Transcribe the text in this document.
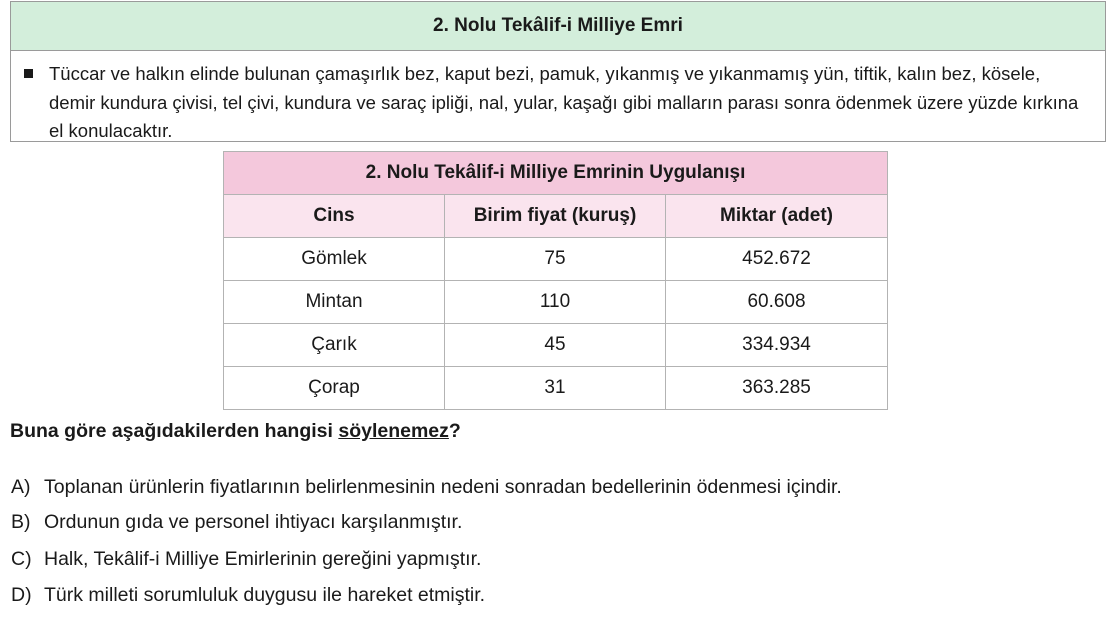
2. Nolu Tekâlif-i Milliye Emri
Tüccar ve halkın elinde bulunan çamaşırlık bez, kaput bezi, pamuk, yıkanmış ve yıkanmamış yün, tiftik, kalın bez, kösele, demir kundura çivisi, tel çivi, kundura ve saraç ipliği, nal, yular, kaşağı gibi malların parası sonra ödenmek üzere yüzde kırkına el konulacaktır.
2. Nolu Tekâlif-i Milliye Emrinin Uygulanışı		
Cins	Birim fiyat (kuruş)	Miktar (adet)
Gömlek	75	452.672
Mintan	110	60.608
Çarık	45	334.934
Çorap	31	363.285
Buna göre aşağıdakilerden hangisi söylenemez?
A) Toplanan ürünlerin fiyatlarının belirlenmesinin nedeni sonradan bedellerinin ödenmesi içindir.
B) Ordunun gıda ve personel ihtiyacı karşılanmıştır.
C) Halk, Tekâlif-i Milliye Emirlerinin gereğini yapmıştır.
D) Türk milleti sorumluluk duygusu ile hareket etmiştir.
